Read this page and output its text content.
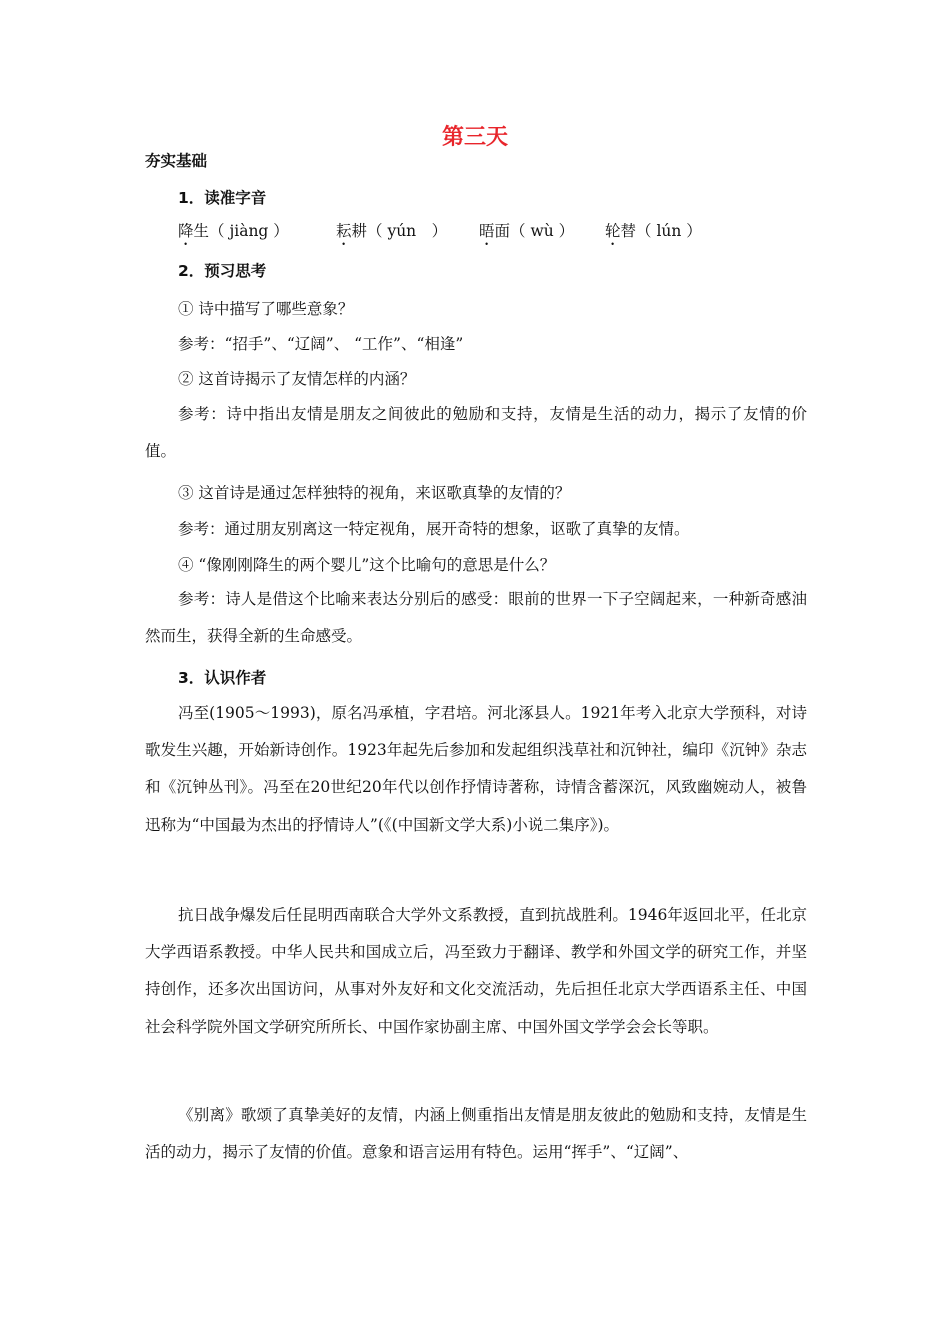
第三天
夯实基础
1．读准字音
降生（ jiàng ）	耘耕（ yún　） 晤面（ wù ） 轮替（ lún ）
2．预习思考
① 诗中描写了哪些意象？
参考：“招手”、“辽阔”、 “工作”、“相逢”
② 这首诗揭示了友情怎样的内涵？

参考：诗中指出友情是朋友之间彼此的勉励和支持，友情是生活的动力，揭示了友情的价值。

③ 这首诗是通过怎样独特的视角，来讴歌真挚的友情的？
参考：通过朋友别离这一特定视角，展开奇特的想象，讴歌了真挚的友情。
④ “像刚刚降生的两个婴儿”这个比喻句的意思是什么？

参考：诗人是借这个比喻来表达分别后的感受：眼前的世界一下子空阔起来，一种新奇感油然而生，获得全新的生命感受。

3．认识作者

冯至(1905～1993)，原名冯承植，字君培。河北涿县人。1921年考入北京大学预科，对诗歌发生兴趣，开始新诗创作。1923年起先后参加和发起组织浅草社和沉钟社，编印《沉钟》杂志和《沉钟丛刊》。冯至在20世纪20年代以创作抒情诗著称，诗情含蓄深沉，风致幽婉动人，被鲁迅称为“中国最为杰出的抒情诗人”(《(中国新文学大系)小说二集序》)。

抗日战争爆发后任昆明西南联合大学外文系教授，直到抗战胜利。1946年返回北平，任北京大学西语系教授。中华人民共和国成立后，冯至致力于翻译、教学和外国文学的研究工作，并坚持创作，还多次出国访问，从事对外友好和文化交流活动，先后担任北京大学西语系主任、中国社会科学院外国文学研究所所长、中国作家协副主席、中国外国文学学会会长等职。

《别离》歌颂了真挚美好的友情，内涵上侧重指出友情是朋友彼此的勉励和支持，友情是生活的动力，揭示了友情的价值。意象和语言运用有特色。运用“挥手”、“辽阔”、
